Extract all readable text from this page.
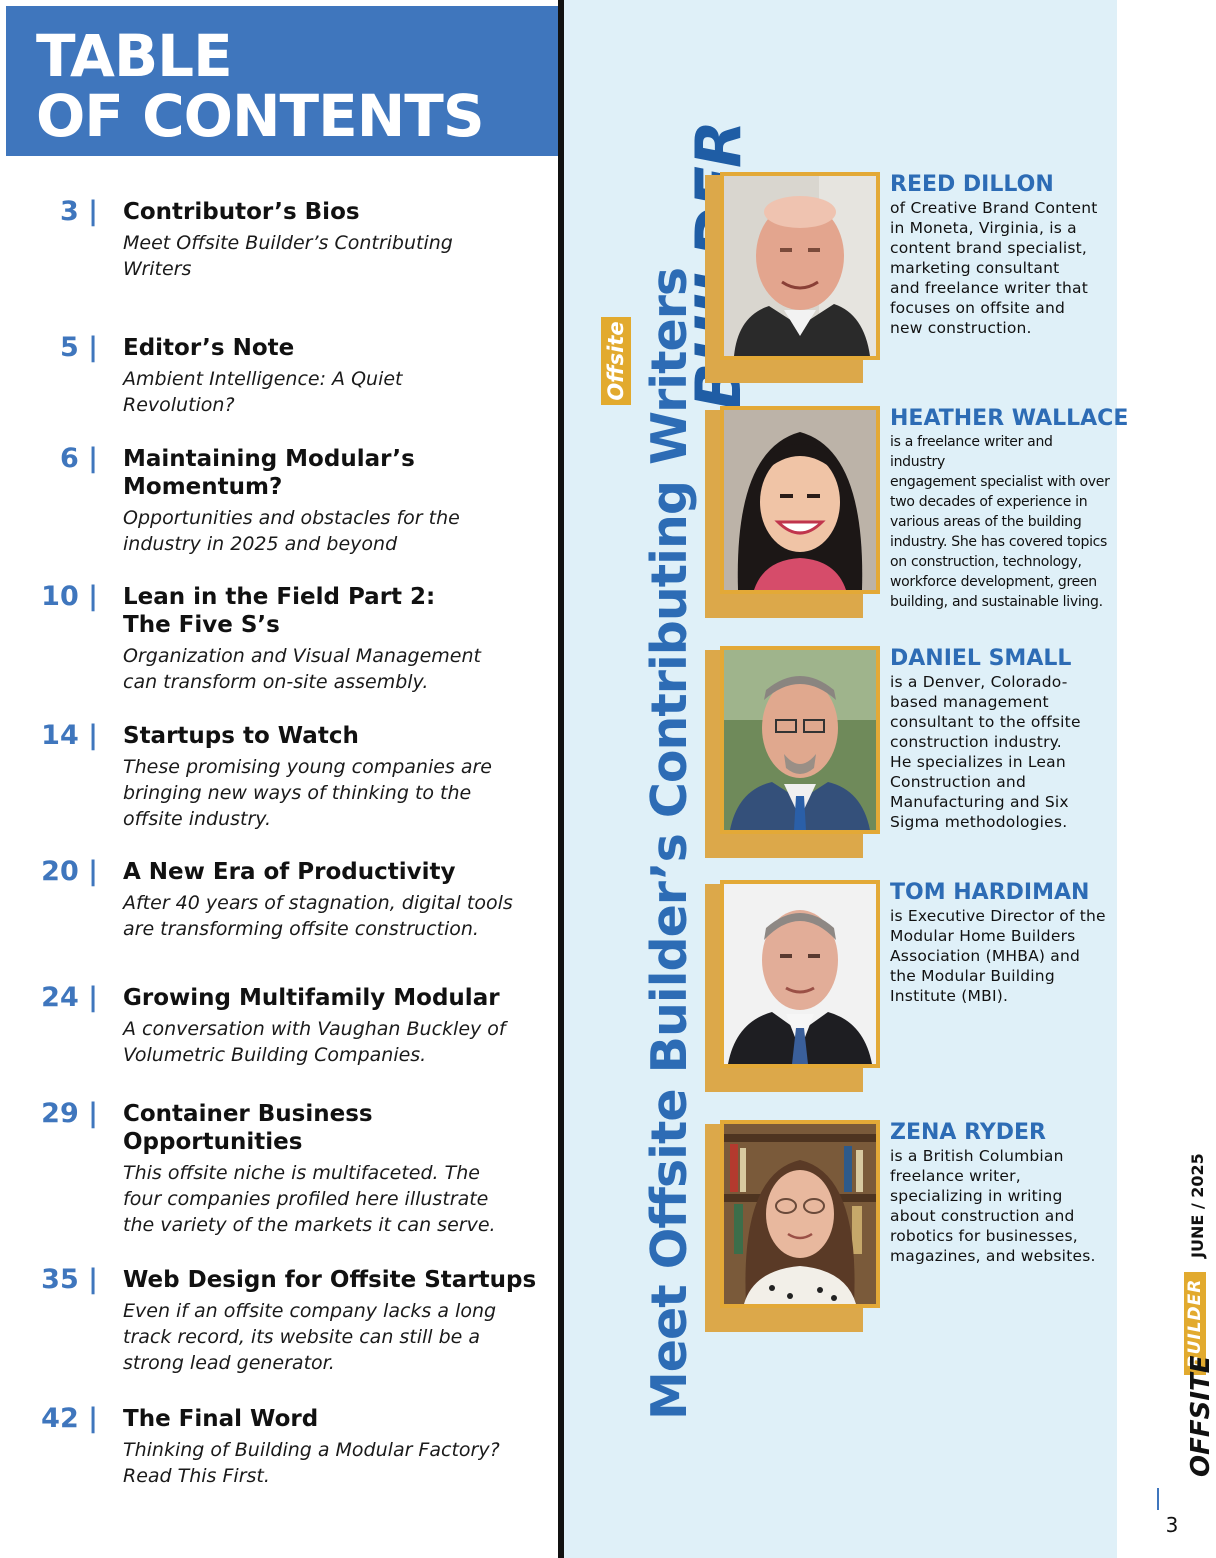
TABLE
OF CONTENTS
3 | Contributor’s Bios
Meet Offsite Builder’s Contributing
Writers
5 | Editor’s Note
Ambient Intelligence: A Quiet
Revolution?
6 | Maintaining Modular’s
Momentum?
Opportunities and obstacles for the
industry in 2025 and beyond
10 | Lean in the Field Part 2:
The Five S’s
Organization and Visual Management
can transform on-site assembly.
14 | Startups to Watch
These promising young companies are
bringing new ways of thinking to the
offsite industry.
20 | A New Era of Productivity
After 40 years of stagnation, digital tools
are transforming offsite construction.
24 | Growing Multifamily Modular
A conversation with Vaughan Buckley of
Volumetric Building Companies.
29 | Container Business
Opportunities
This offsite niche is multifaceted. The
four companies profiled here illustrate
the variety of the markets it can serve.
35 | Web Design for Offsite Startups
Even if an offsite company lacks a long
track record, its website can still be a
strong lead generator.
42 | The Final Word
Thinking of Building a Modular Factory?
Read This First.
Meet Offsite Builder’s Contributing Writers
Offsite
REED DILLON
of Creative Brand Content
in Moneta, Virginia, is a
content brand specialist,
marketing consultant
and freelance writer that
focuses on offsite and
new construction.
HEATHER WALLACE
is a freelance writer and industry
engagement specialist with over
two decades of experience in
various areas of the building
industry. She has covered topics
on construction, technology,
workforce development, green
building, and sustainable living.
DANIEL SMALL
is a Denver, Colorado-
based management
consultant to the offsite
construction industry.
He specializes in Lean
Construction and
Manufacturing and Six
Sigma methodologies.
TOM HARDIMAN
is Executive Director of the
Modular Home Builders
Association (MHBA) and
the Modular Building
Institute (MBI).
ZENA RYDER
is a British Columbian
freelance writer,
specializing in writing
about construction and
robotics for businesses,
magazines, and websites.	JUNE / 2025
BUILDER
OFFSITE
3
